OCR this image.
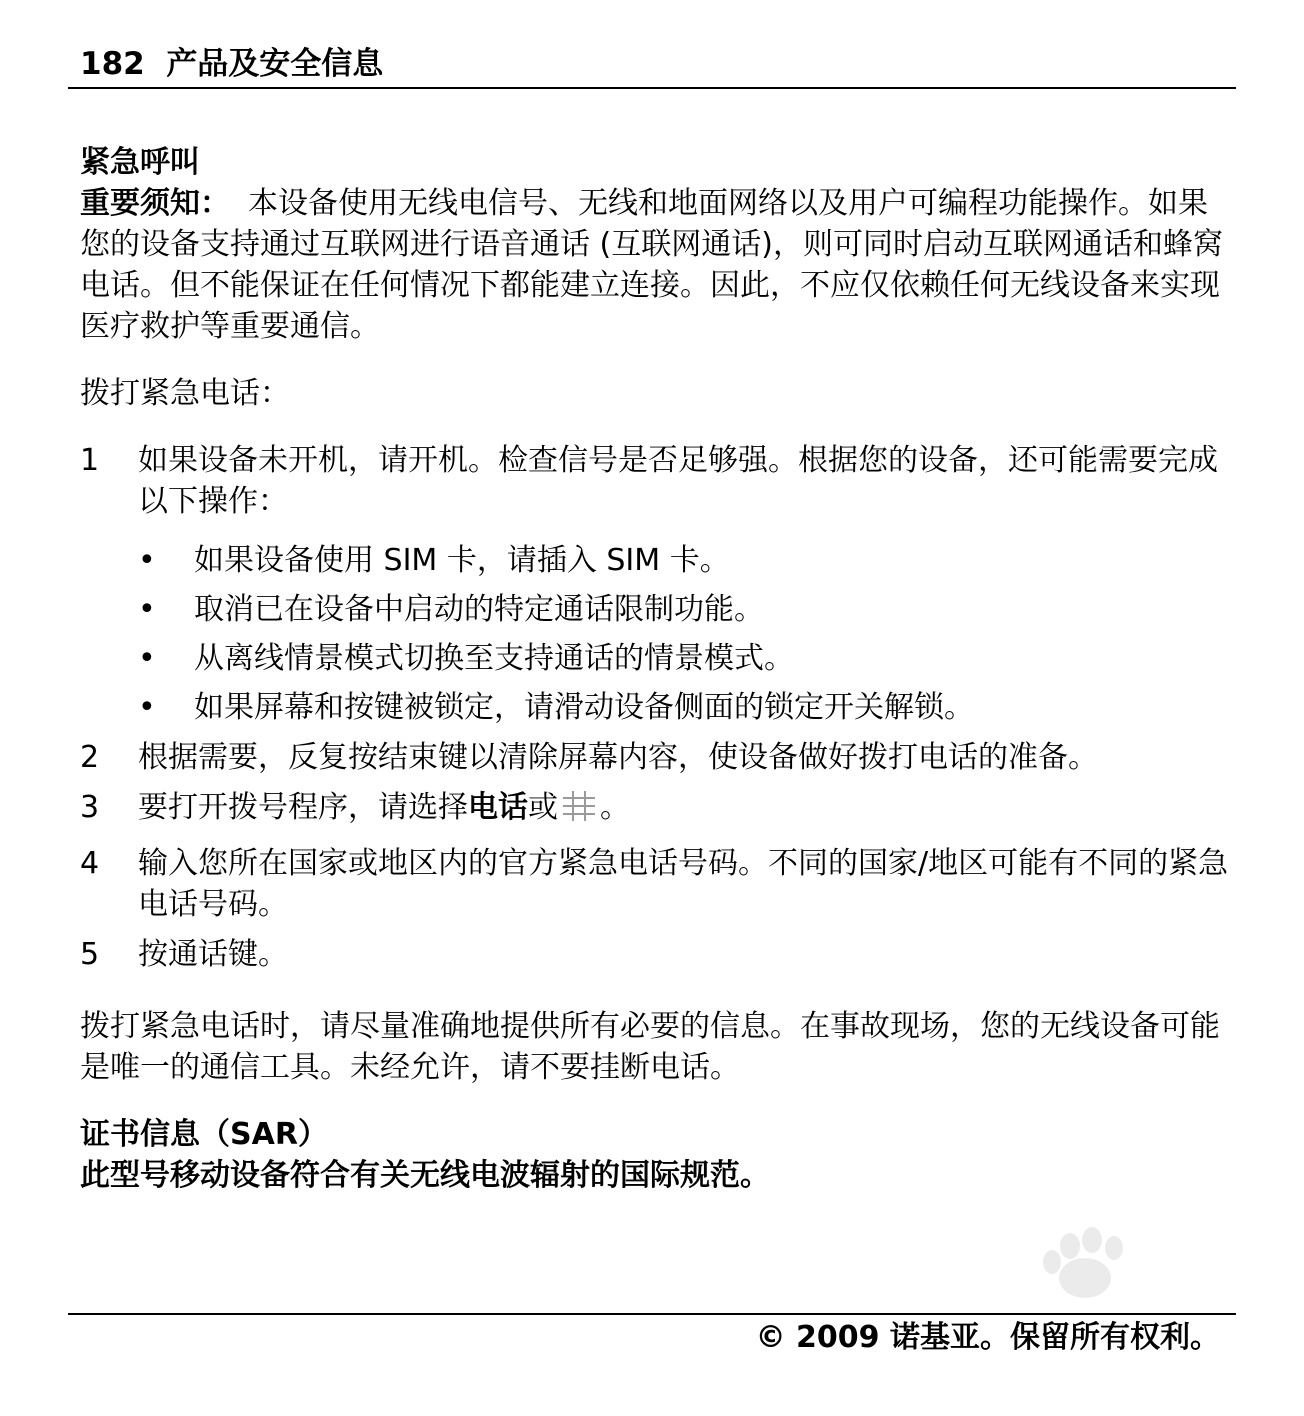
182 产品及安全信息

紧急呼叫

重要须知： 本设备使用无线电信号、无线和地面网络以及用户可编程功能操作。如果您的设备支持通过互联网进行语音通话 (互联网通话)，则可同时启动互联网通话和蜂窝电话。但不能保证在任何情况下都能建立连接。因此，不应仅依赖任何无线设备来实现医疗救护等重要通信。

拨打紧急电话：

1 如果设备未开机，请开机。检查信号是否足够强。根据您的设备，还可能需要完成以下操作：
• 如果设备使用 SIM 卡，请插入 SIM 卡。
• 取消已在设备中启动的特定通话限制功能。
• 从离线情景模式切换至支持通话的情景模式。
• 如果屏幕和按键被锁定，请滑动设备侧面的锁定开关解锁。
2 根据需要，反复按结束键以清除屏幕内容，使设备做好拨打电话的准备。
3 要打开拨号程序，请选择电话或 。
4 输入您所在国家或地区内的官方紧急电话号码。不同的国家/地区可能有不同的紧急电话号码。
5 按通话键。

拨打紧急电话时，请尽量准确地提供所有必要的信息。在事故现场，您的无线设备可能是唯一的通信工具。未经允许，请不要挂断电话。

证书信息（SAR）

此型号移动设备符合有关无线电波辐射的国际规范。

© 2009 诺基亚。保留所有权利。
